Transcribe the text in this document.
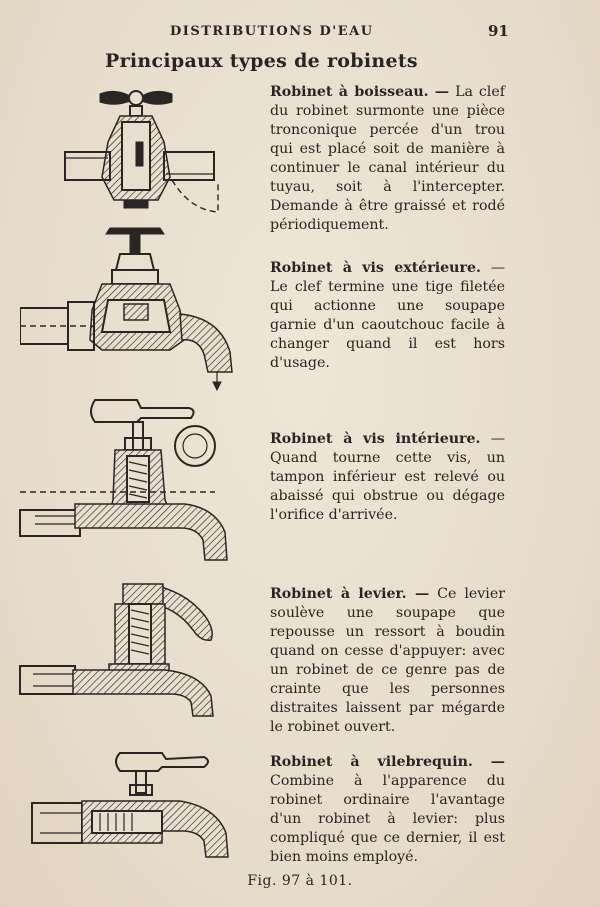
DISTRIBUTIONS D'EAU	91
Principaux types de robinets
Robinet à boisseau. — La clef du robinet surmonte une pièce tronconique percée d'un trou qui est placé soit de manière à continuer le canal intérieur du tuyau, soit à l'intercepter. Demande à être graissé et rodé périodiquement.
Robinet à vis extérieure. — Le clef termine une tige filetée qui actionne une soupape garnie d'un caoutchouc facile à changer quand il est hors d'usage.
Robinet à vis intérieure. — Quand tourne cette vis, un tampon inférieur est relevé ou abaissé qui obstrue ou dégage l'orifice d'arrivée.
Robinet à levier. — Ce levier soulève une soupape que repousse un ressort à boudin quand on cesse d'appuyer: avec un robinet de ce genre pas de crainte que les personnes distraites laissent par mégarde le robinet ouvert.
Robinet à vilebrequin. — Combine à l'apparence du robinet ordinaire l'avantage d'un robinet à levier: plus compliqué que ce dernier, il est bien moins employé.
Fig. 97 à 101.
